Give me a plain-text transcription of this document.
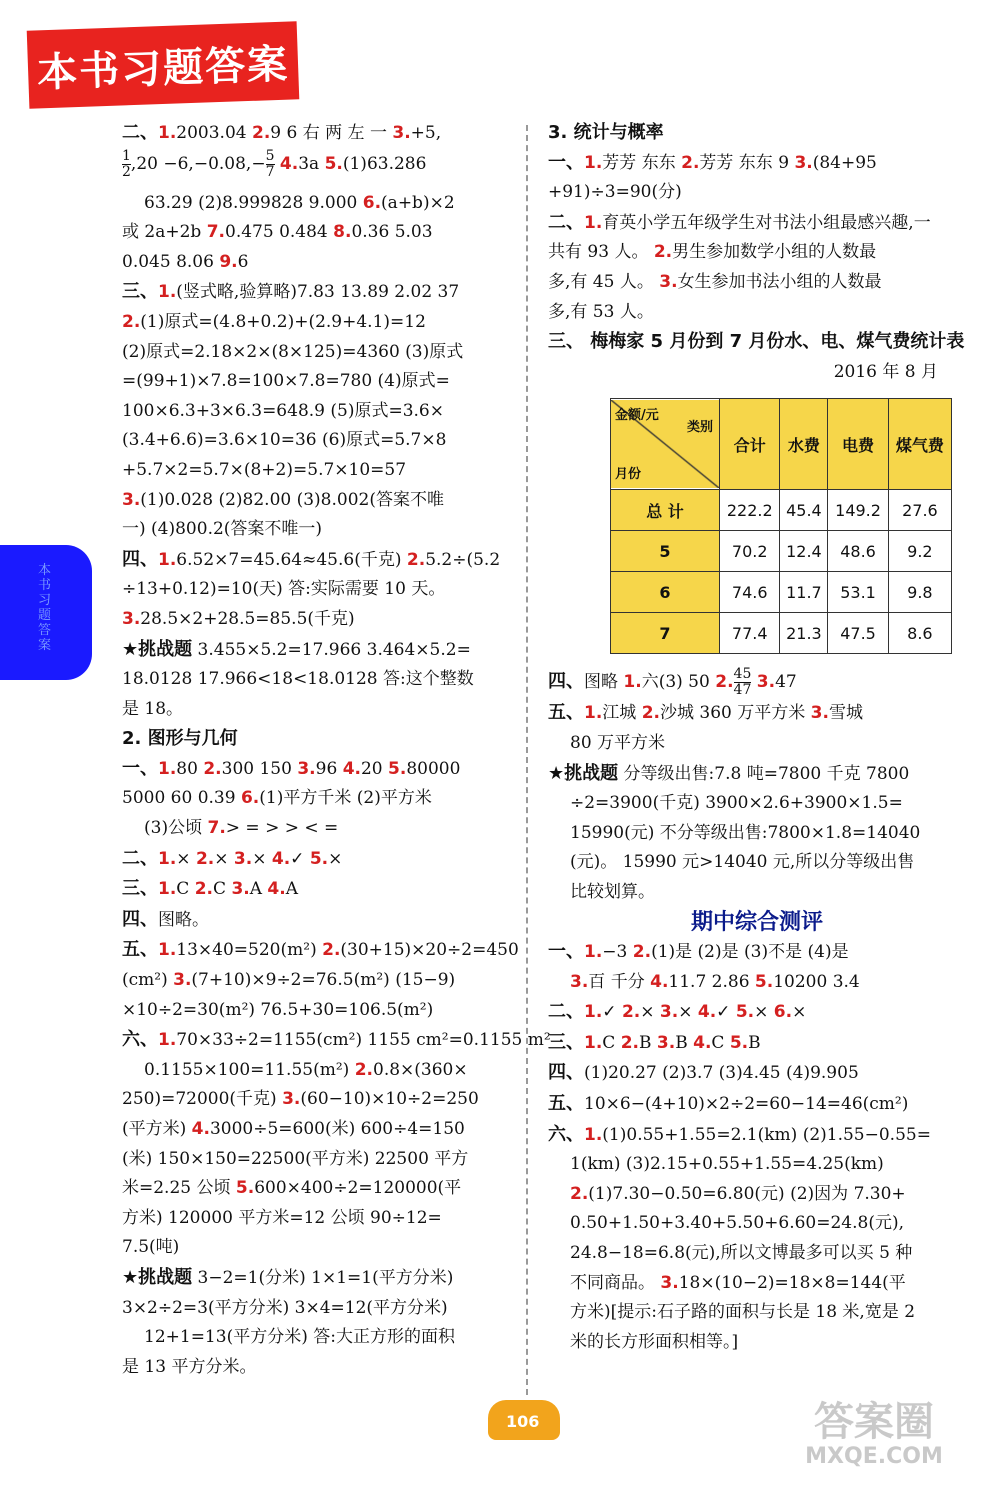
本书习题答案
本书习题答案
二、1.2003.04 2.9 6 右 两 左 一 3.+5,
$\frac{1}{2} ,20 -6,-0.08,- \frac{5}{7} 4.3a$ 5.(1)63.286
63.29 (2)8.999828 9.000 6.(a+b)×2
或 2a+2b 7.0.475 0.484 8.0.36 5.03
0.045 8.06 9.6
三、1.(竖式略,验算略)7.83 13.89 2.02 37
2.(1)原式=(4.8+0.2)+(2.9+4.1)=12
(2)原式=2.18×2×(8×125)=4360 (3)原式
=(99+1)×7.8=100×7.8=780 (4)原式=
100×6.3+3×6.3=648.9 (5)原式=3.6×
(3.4+6.6)=3.6×10=36 (6)原式=5.7×8
+5.7×2=5.7×(8+2)=5.7×10=57
3.(1)0.028 (2)82.00 (3)8.002(答案不唯
一) (4)800.2(答案不唯一)
四、1.6.52×7=45.64≈45.6(千克) 2.5.2÷(5.2
÷13+0.12)=10(天) 答:实际需要 10 天。
3.28.5×2+28.5=85.5(千克)
★挑战题 3.455×5.2=17.966 3.464×5.2=
18.0128 17.966<18<18.0128 答:这个整数
是 18。
2. 图形与几何
一、1.80 2.300 150 3.96 4.20 5.80000
5000 60 0.39 6.(1)平方千米 (2)平方米
(3)公顷 7.> = > > < =
二、1.× 2.× 3.× 4.✓ 5.×
三、1.C 2.C 3.A 4.A
四、图略。
五、1.13×40=520(m²) 2.(30+15)×20÷2=450
(cm²) 3.(7+10)×9÷2=76.5(m²) (15−9)
×10÷2=30(m²) 76.5+30=106.5(m²)
六、1.70×33÷2=1155(cm²) 1155 cm²=0.1155 m²
0.1155×100=11.55(m²) 2.0.8×(360×
250)=72000(千克) 3.(60−10)×10÷2=250
(平方米) 4.3000÷5=600(米) 600÷4=150
(米) 150×150=22500(平方米) 22500 平方
米=2.25 公顷 5.600×400÷2=120000(平
方米) 120000 平方米=12 公顷 90÷12=
7.5(吨)
★挑战题 3−2=1(分米) 1×1=1(平方分米)
3×2÷2=3(平方分米) 3×4=12(平方分米)
12+1=13(平方分米) 答:大正方形的面积
是 13 平方分米。
3. 统计与概率
一、1.芳芳 东东 2.芳芳 东东 9 3.(84+95
+91)÷3=90(分)
二、1.育英小学五年级学生对书法小组最感兴趣,一
共有 93 人。 2.男生参加数学小组的人数最
多,有 45 人。 3.女生参加书法小组的人数最
多,有 53 人。
三、 梅梅家 5 月份到 7 月份水、电、煤气费统计表
2016 年 8 月
四、图略 1.六(3) 50 2. $\frac{45}{47} 3.47$
五、1.江城 2.沙城 360 万平方米 3.雪城
80 万平方米
★挑战题 分等级出售:7.8 吨=7800 千克 7800
÷2=3900(千克) 3900×2.6+3900×1.5=
15990(元) 不分等级出售:7800×1.8=14040
(元)。 15990 元>14040 元,所以分等级出售
比较划算。
期中综合测评
一、1.−3 2.(1)是 (2)是 (3)不是 (4)是
3.百 千分 4.11.7 2.86 5.10200 3.4
二、1.✓ 2.× 3.× 4.✓ 5.× 6.×
三、1.C 2.B 3.B 4.C 5.B
四、(1)20.27 (2)3.7 (3)4.45 (4)9.905
五、10×6−(4+10)×2÷2=60−14=46(cm²)
六、1.(1)0.55+1.55=2.1(km) (2)1.55−0.55=
1(km) (3)2.15+0.55+1.55=4.25(km)
2.(1)7.30−0.50=6.80(元) (2)因为 7.30+
0.50+1.50+3.40+5.50+6.60=24.8(元),
24.8−18=6.8(元),所以文博最多可以买 5 种
不同商品。 3.18×(10−2)=18×8=144(平
方米)[提示:石子路的面积与长是 18 米,宽是 2
米的长方形面积相等。]
金额/元
类别
月份	合计	水费	电费	煤气费
总 计	222.2	45.4	149.2	27.6
5	70.2	12.4	48.6	9.2
6	74.6	11.7	53.1	9.8
7	77.4	21.3	47.5	8.6
106	答案圈
MXQE.COM
